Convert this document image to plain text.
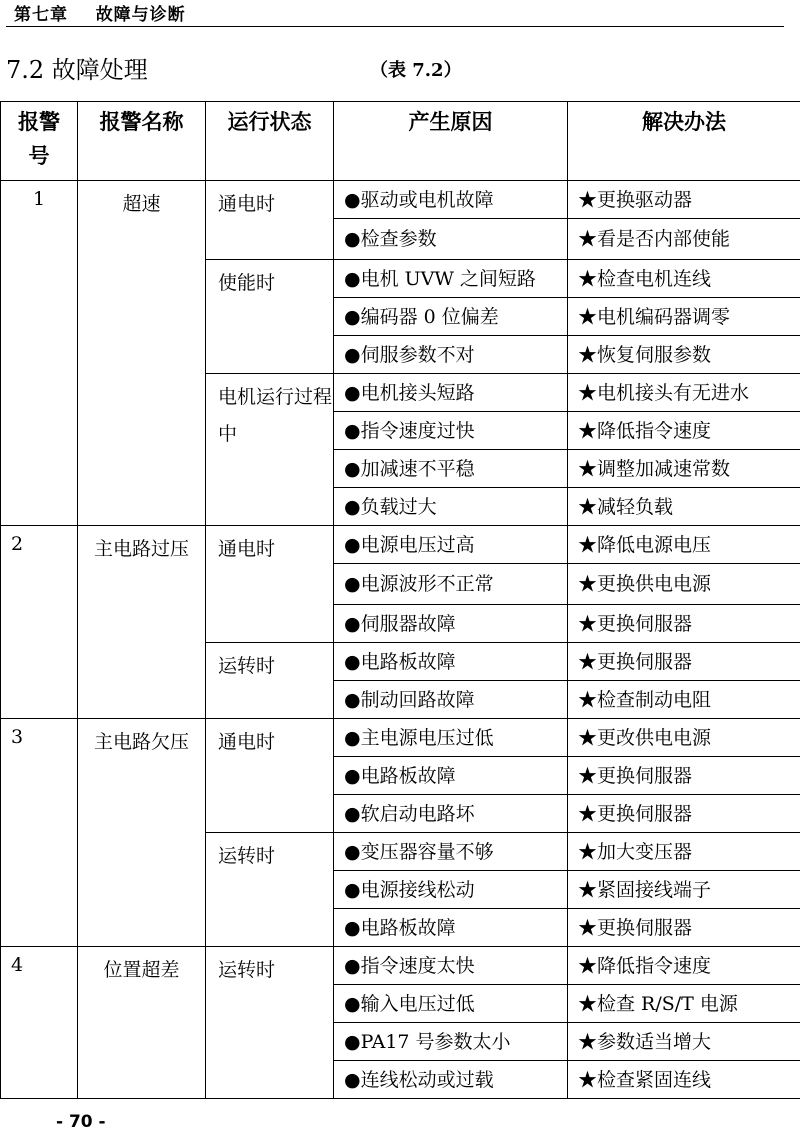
第七章 故障与诊断
7.2 故障处理	（表 7.2）
报警号	报警名称	运行状态	产生原因	解决办法
1	超速	通电时	●驱动或电机故障	★更换驱动器
			●检查参数	★看是否内部使能
		使能时	●电机 UVW 之间短路	★检查电机连线
			●编码器 0 位偏差	★电机编码器调零
			●伺服参数不对	★恢复伺服参数
		电机运行过程中	●电机接头短路	★电机接头有无进水
			●指令速度过快	★降低指令速度
			●加减速不平稳	★调整加减速常数
			●负载过大	★减轻负载
2	主电路过压	通电时	●电源电压过高	★降低电源电压
			●电源波形不正常	★更换供电电源
			●伺服器故障	★更换伺服器
		运转时	●电路板故障	★更换伺服器
			●制动回路故障	★检查制动电阻
3	主电路欠压	通电时	●主电源电压过低	★更改供电电源
			●电路板故障	★更换伺服器
			●软启动电路坏	★更换伺服器
		运转时	●变压器容量不够	★加大变压器
			●电源接线松动	★紧固接线端子
			●电路板故障	★更换伺服器
4	位置超差	运转时	●指令速度太快	★降低指令速度
			●输入电压过低	★检查 R/S/T 电源
			●PA17 号参数太小	★参数适当增大
			●连线松动或过载	★检查紧固连线
- 70 -
